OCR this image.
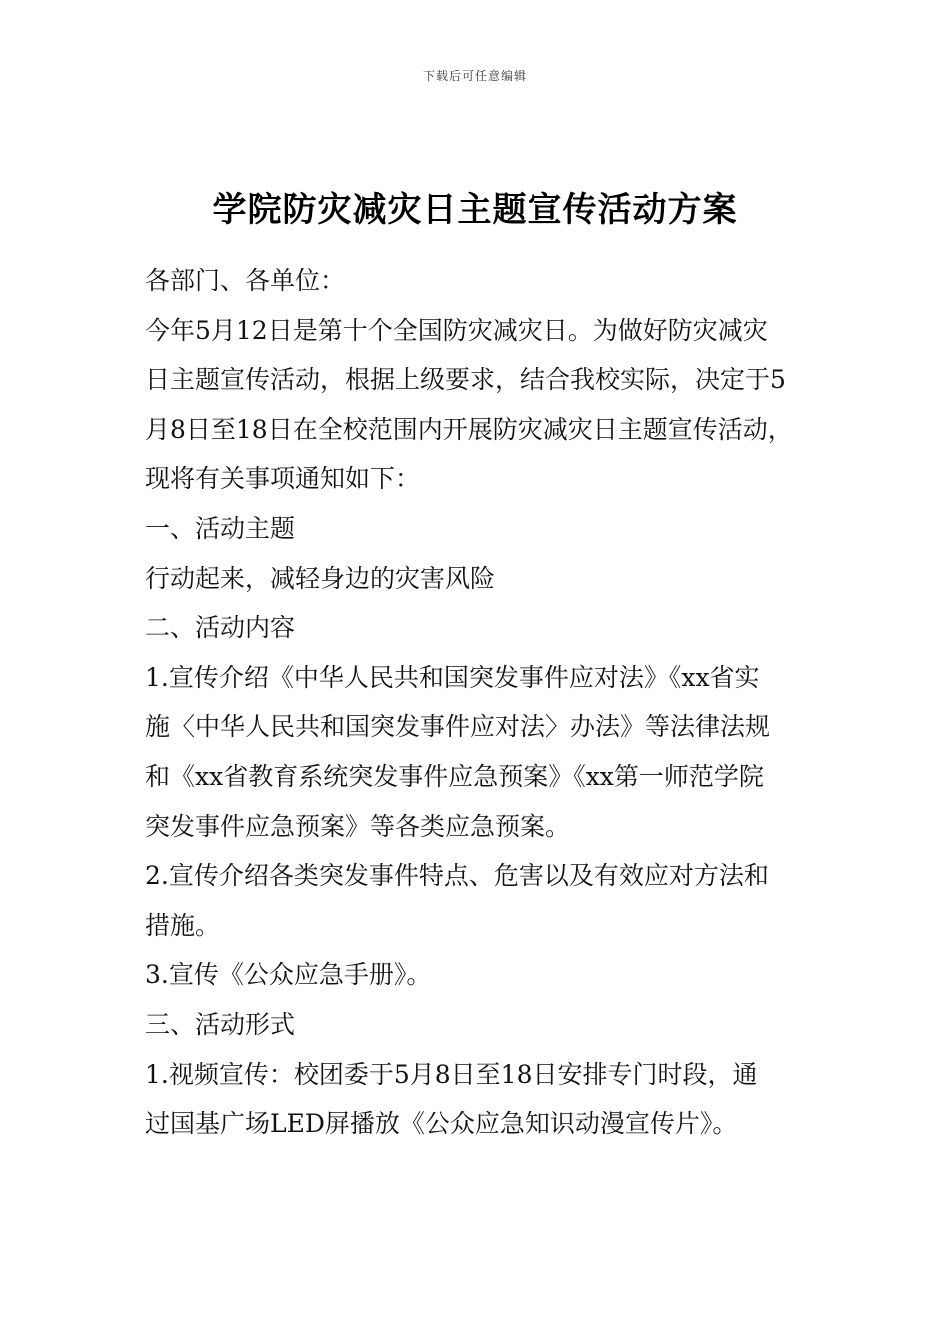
下载后可任意编辑
学院防灾减灾日主题宣传活动方案
各部门、各单位：
今年5月12日是第十个全国防灾减灾日。为做好防灾减灾
日主题宣传活动，根据上级要求，结合我校实际，决定于5
月8日至18日在全校范围内开展防灾减灾日主题宣传活动，
现将有关事项通知如下：
一、活动主题
行动起来，减轻身边的灾害风险
二、活动内容
1.宣传介绍《中华人民共和国突发事件应对法》《xx省实
施〈中华人民共和国突发事件应对法〉办法》等法律法规
和《xx省教育系统突发事件应急预案》《xx第一师范学院
突发事件应急预案》等各类应急预案。
2.宣传介绍各类突发事件特点、危害以及有效应对方法和
措施。
3.宣传《公众应急手册》。
三、活动形式
1.视频宣传：校团委于5月8日至18日安排专门时段，通
过国基广场LED屏播放《公众应急知识动漫宣传片》。
